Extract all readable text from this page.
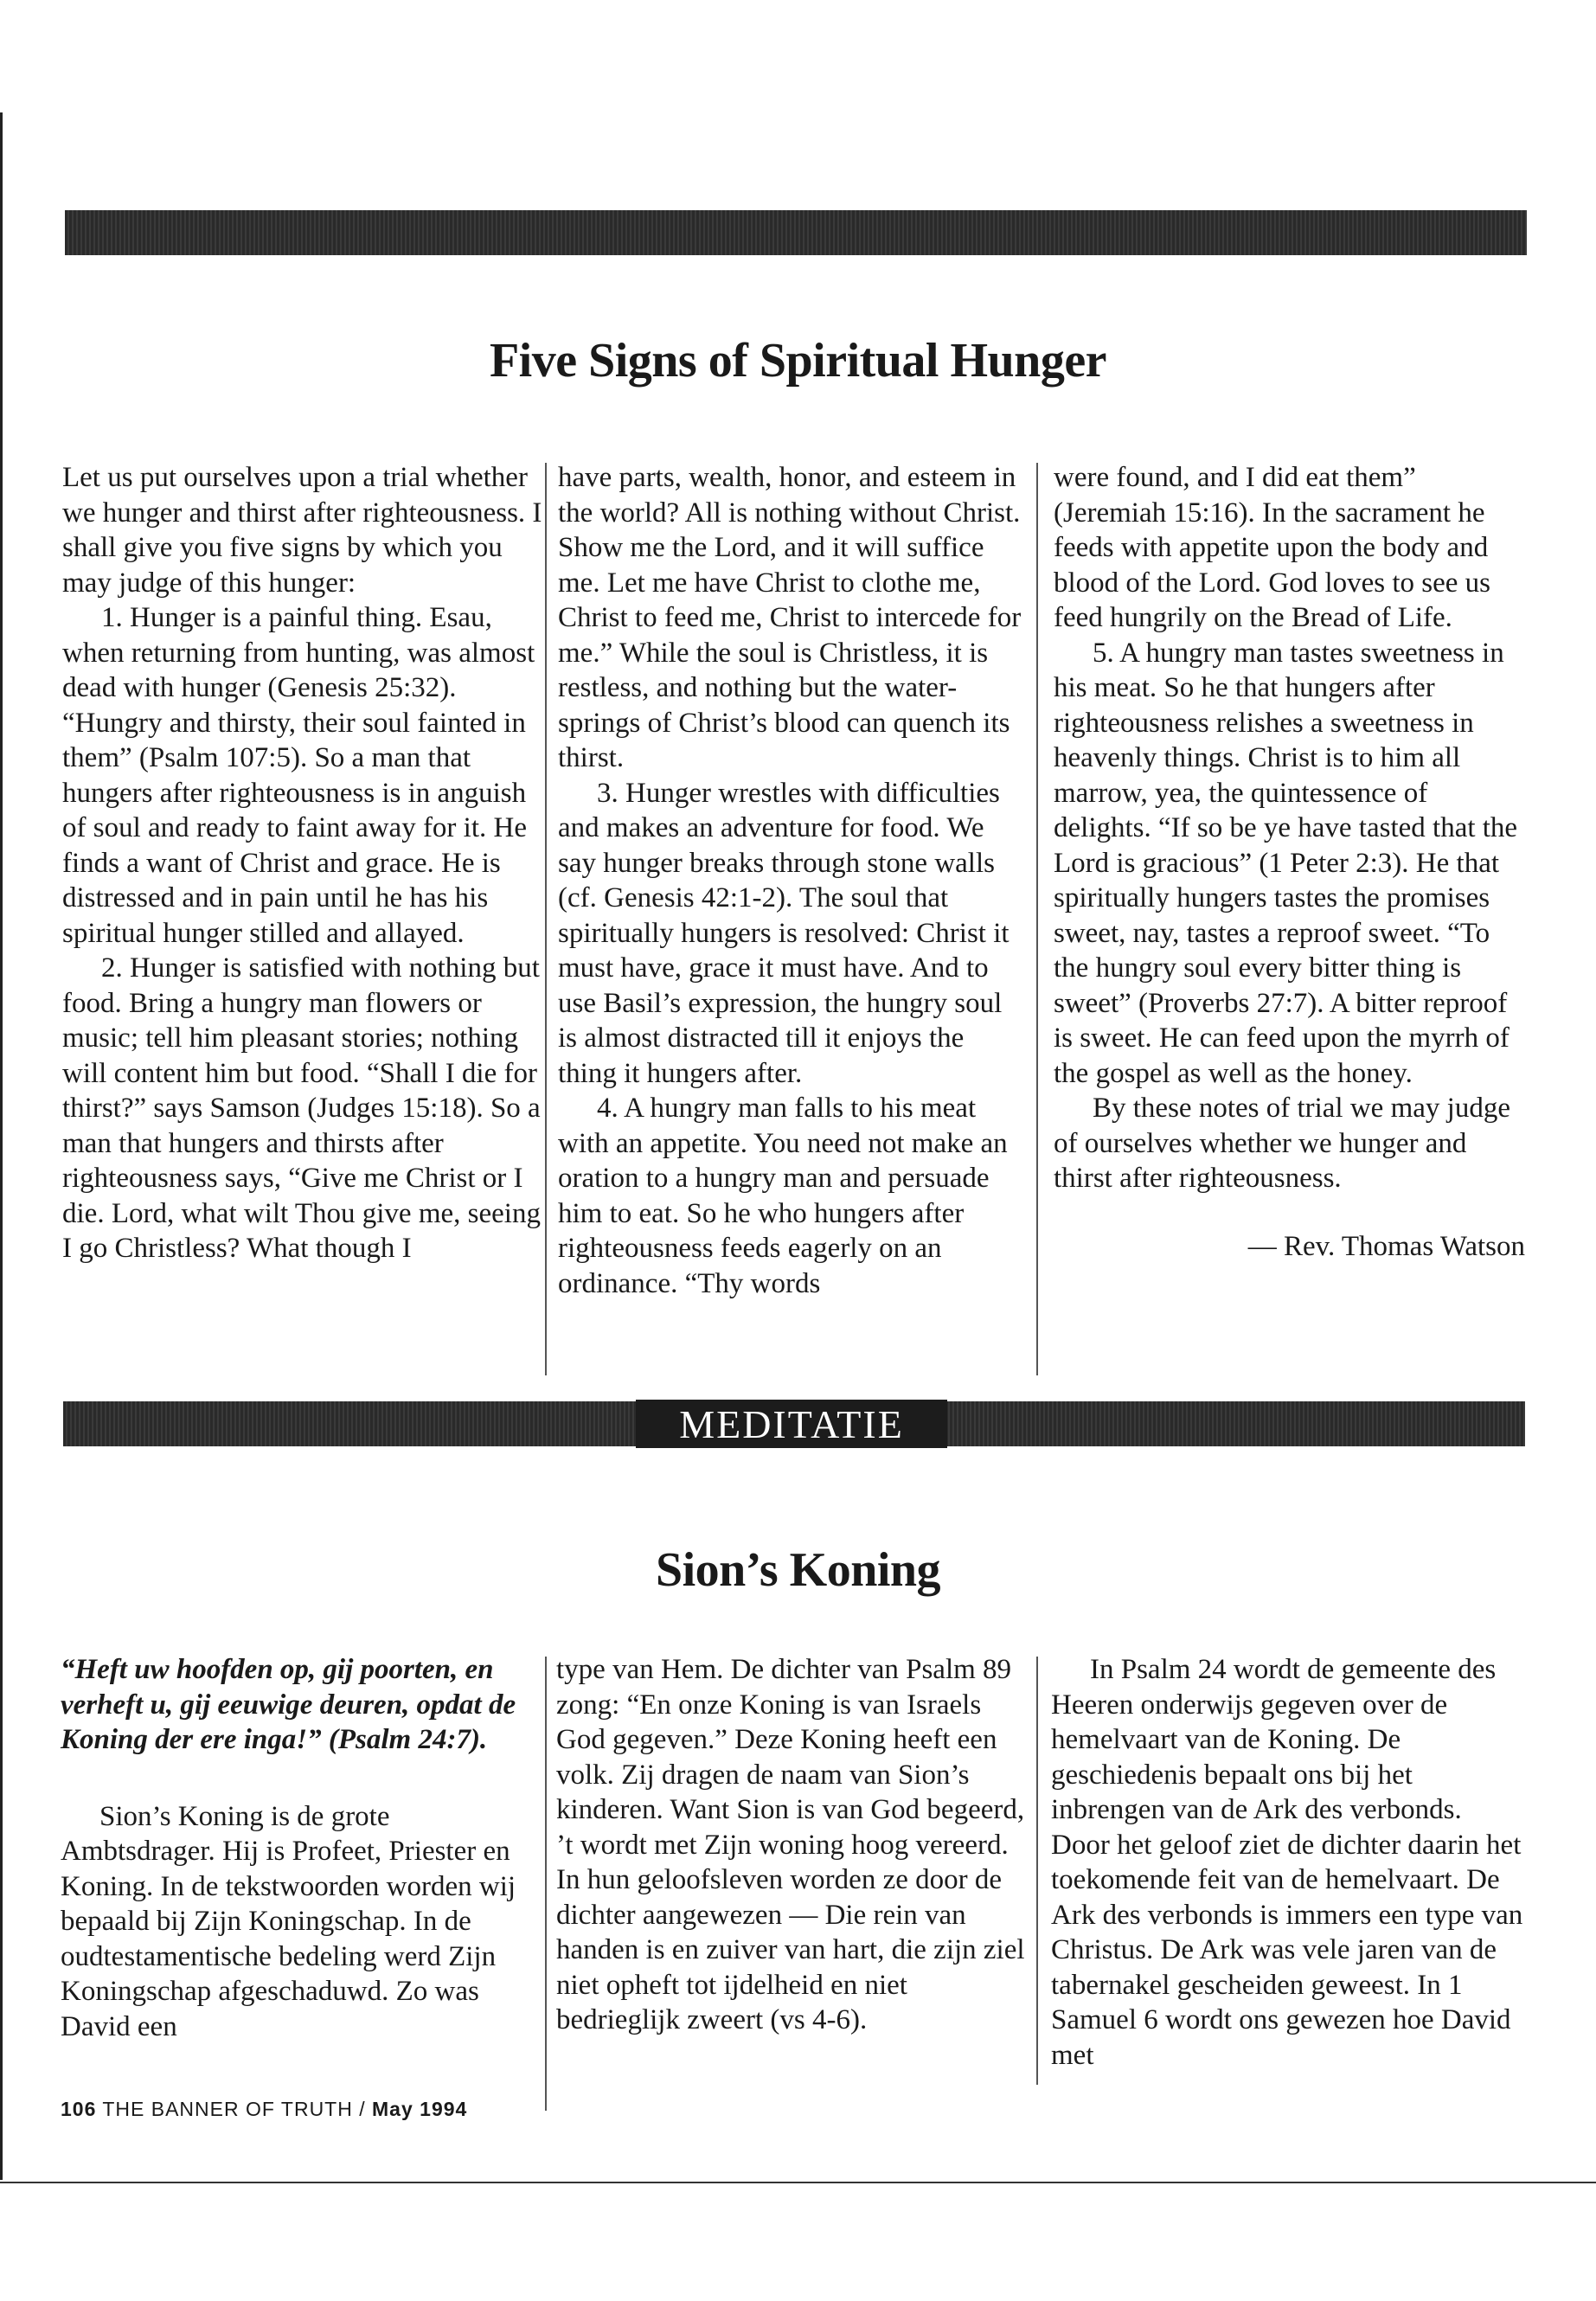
Five Signs of Spiritual Hunger

Let us put ourselves upon a trial whether we hunger and thirst after righteousness. I shall give you five signs by which you may judge of this hunger:

1. Hunger is a painful thing. Esau, when returning from hunting, was almost dead with hunger (Genesis 25:32). “Hungry and thirsty, their soul fainted in them” (Psalm 107:5). So a man that hungers after righteousness is in anguish of soul and ready to faint away for it. He finds a want of Christ and grace. He is distressed and in pain until he has his spiritual hunger stilled and allayed.

2. Hunger is satisfied with nothing but food. Bring a hungry man flowers or music; tell him pleasant stories; nothing will content him but food. “Shall I die for thirst?” says Samson (Judges 15:18). So a man that hungers and thirsts after righteousness says, “Give me Christ or I die. Lord, what wilt Thou give me, seeing I go Christless? What though I

have parts, wealth, honor, and esteem in the world? All is nothing without Christ. Show me the Lord, and it will suffice me. Let me have Christ to clothe me, Christ to feed me, Christ to intercede for me.” While the soul is Christless, it is restless, and nothing but the water-springs of Christ’s blood can quench its thirst.

3. Hunger wrestles with difficulties and makes an adventure for food. We say hunger breaks through stone walls (cf. Genesis 42:1-2). The soul that spiritually hungers is resolved: Christ it must have, grace it must have. And to use Basil’s expression, the hungry soul is almost distracted till it enjoys the thing it hungers after.

4. A hungry man falls to his meat with an appetite. You need not make an oration to a hungry man and persuade him to eat. So he who hungers after righteousness feeds eagerly on an ordinance. “Thy words

were found, and I did eat them” (Jeremiah 15:16). In the sacrament he feeds with appetite upon the body and blood of the Lord. God loves to see us feed hungrily on the Bread of Life.

5. A hungry man tastes sweetness in his meat. So he that hungers after righteousness relishes a sweetness in heavenly things. Christ is to him all marrow, yea, the quintessence of delights. “If so be ye have tasted that the Lord is gracious” (1 Peter 2:3). He that spiritually hungers tastes the promises sweet, nay, tastes a reproof sweet. “To the hungry soul every bitter thing is sweet” (Proverbs 27:7). A bitter reproof is sweet. He can feed upon the myrrh of the gospel as well as the honey.

By these notes of trial we may judge of ourselves whether we hunger and thirst after righteousness.

— Rev. Thomas Watson

MEDITATIE
Sion’s Koning

“Heft uw hoofden op, gij poorten, en verheft u, gij eeuwige deuren, opdat de Koning der ere inga!” (Psalm 24:7).

Sion’s Koning is de grote Ambtsdrager. Hij is Profeet, Priester en Koning. In de tekstwoorden worden wij bepaald bij Zijn Koningschap. In de oudtestamentische bedeling werd Zijn Koningschap afgeschaduwd. Zo was David een

type van Hem. De dichter van Psalm 89 zong: “En onze Koning is van Israels God gegeven.” Deze Koning heeft een volk. Zij dragen de naam van Sion’s kinderen. Want Sion is van God begeerd, ’t wordt met Zijn woning hoog vereerd. In hun geloofsleven worden ze door de dichter aangewezen — Die rein van handen is en zuiver van hart, die zijn ziel niet opheft tot ijdelheid en niet bedrieglijk zweert (vs 4-6).

In Psalm 24 wordt de gemeente des Heeren onderwijs gegeven over de hemelvaart van de Koning. De geschiedenis bepaalt ons bij het inbrengen van de Ark des verbonds. Door het geloof ziet de dichter daarin het toekomende feit van de hemelvaart. De Ark des verbonds is immers een type van Christus. De Ark was vele jaren van de tabernakel gescheiden geweest. In 1 Samuel 6 wordt ons gewezen hoe David met

106 THE BANNER OF TRUTH / May 1994
